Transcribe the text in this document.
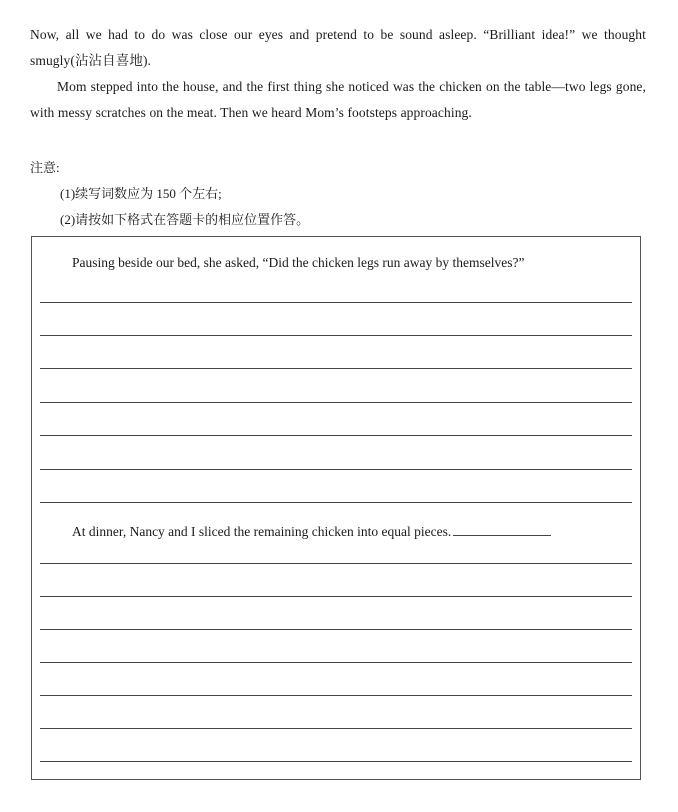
Now, all we had to do was close our eyes and pretend to be sound asleep. “Brilliant idea!” we thought smugly(沾沾自喜地).

Mom stepped into the house, and the first thing she noticed was the chicken on the table—two legs gone, with messy scratches on the meat. Then we heard Mom’s footsteps approaching.

注意:
(1)续写词数应为 150 个左右;
(2)请按如下格式在答题卡的相应位置作答。
Pausing beside our bed, she asked, “Did the chicken legs run away by themselves?”
At dinner, Nancy and I sliced the remaining chicken into equal pieces.
